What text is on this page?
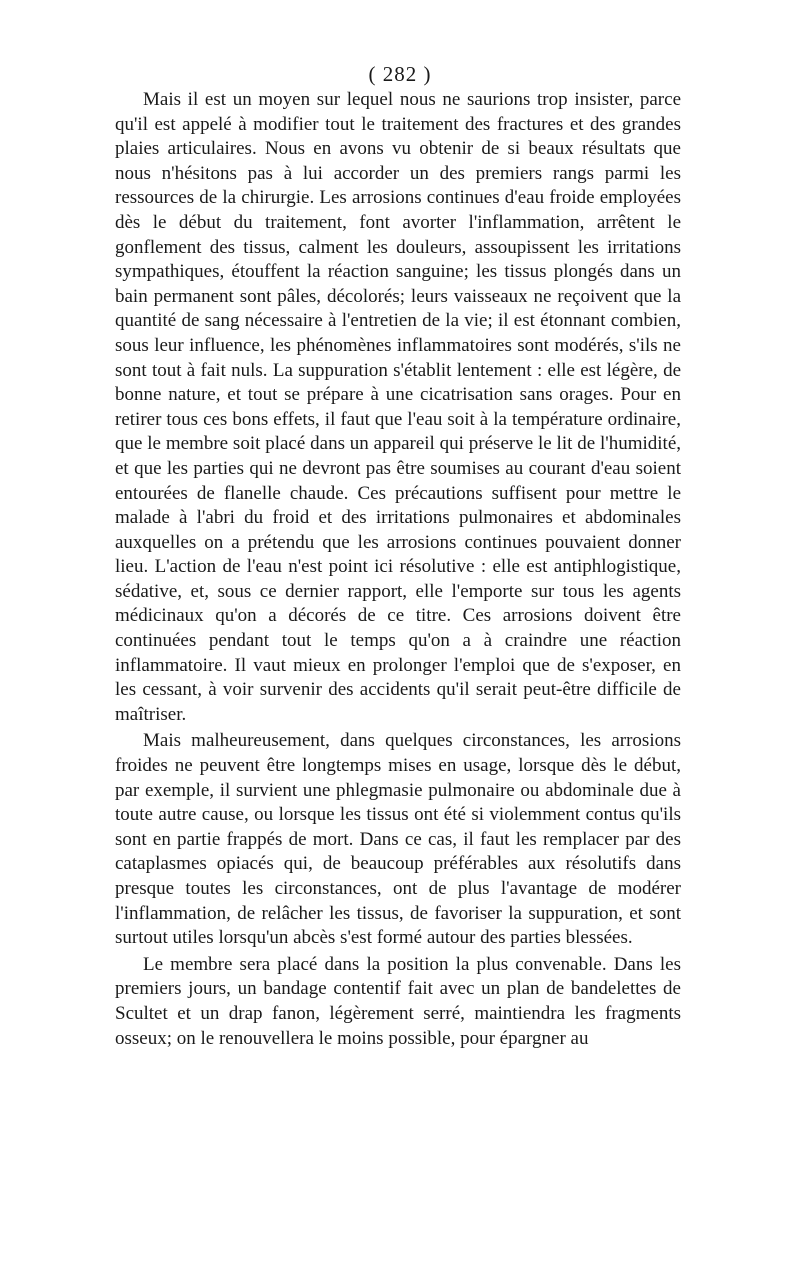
( 282 )

Mais il est un moyen sur lequel nous ne saurions trop insister, parce qu'il est appelé à modifier tout le traitement des fractures et des grandes plaies articulaires. Nous en avons vu obtenir de si beaux résultats que nous n'hésitons pas à lui accorder un des premiers rangs parmi les ressources de la chirurgie. Les arrosions continues d'eau froide employées dès le début du traitement, font avorter l'inflammation, arrêtent le gonflement des tissus, calment les douleurs, assoupissent les irritations sympathiques, étouffent la réaction sanguine; les tissus plongés dans un bain permanent sont pâles, décolorés; leurs vaisseaux ne reçoivent que la quantité de sang nécessaire à l'entretien de la vie; il est étonnant combien, sous leur influence, les phénomènes inflammatoires sont modérés, s'ils ne sont tout à fait nuls. La suppuration s'établit lentement : elle est légère, de bonne nature, et tout se prépare à une cicatrisation sans orages. Pour en retirer tous ces bons effets, il faut que l'eau soit à la température ordinaire, que le membre soit placé dans un appareil qui préserve le lit de l'humidité, et que les parties qui ne devront pas être soumises au courant d'eau soient entourées de flanelle chaude. Ces précautions suffisent pour mettre le malade à l'abri du froid et des irritations pulmonaires et abdominales auxquelles on a prétendu que les arrosions continues pouvaient donner lieu. L'action de l'eau n'est point ici résolutive : elle est antiphlogistique, sédative, et, sous ce dernier rapport, elle l'emporte sur tous les agents médicinaux qu'on a décorés de ce titre. Ces arrosions doivent être continuées pendant tout le temps qu'on a à craindre une réaction inflammatoire. Il vaut mieux en prolonger l'emploi que de s'exposer, en les cessant, à voir survenir des accidents qu'il serait peut-être difficile de maîtriser.

Mais malheureusement, dans quelques circonstances, les arrosions froides ne peuvent être longtemps mises en usage, lorsque dès le début, par exemple, il survient une phlegmasie pulmonaire ou abdominale due à toute autre cause, ou lorsque les tissus ont été si violemment contus qu'ils sont en partie frappés de mort. Dans ce cas, il faut les remplacer par des cataplasmes opiacés qui, de beaucoup préférables aux résolutifs dans presque toutes les circonstances, ont de plus l'avantage de modérer l'inflammation, de relâcher les tissus, de favoriser la suppuration, et sont surtout utiles lorsqu'un abcès s'est formé autour des parties blessées.

Le membre sera placé dans la position la plus convenable. Dans les premiers jours, un bandage contentif fait avec un plan de bandelettes de Scultet et un drap fanon, légèrement serré, maintiendra les fragments osseux; on le renouvellera le moins possible, pour épargner au
